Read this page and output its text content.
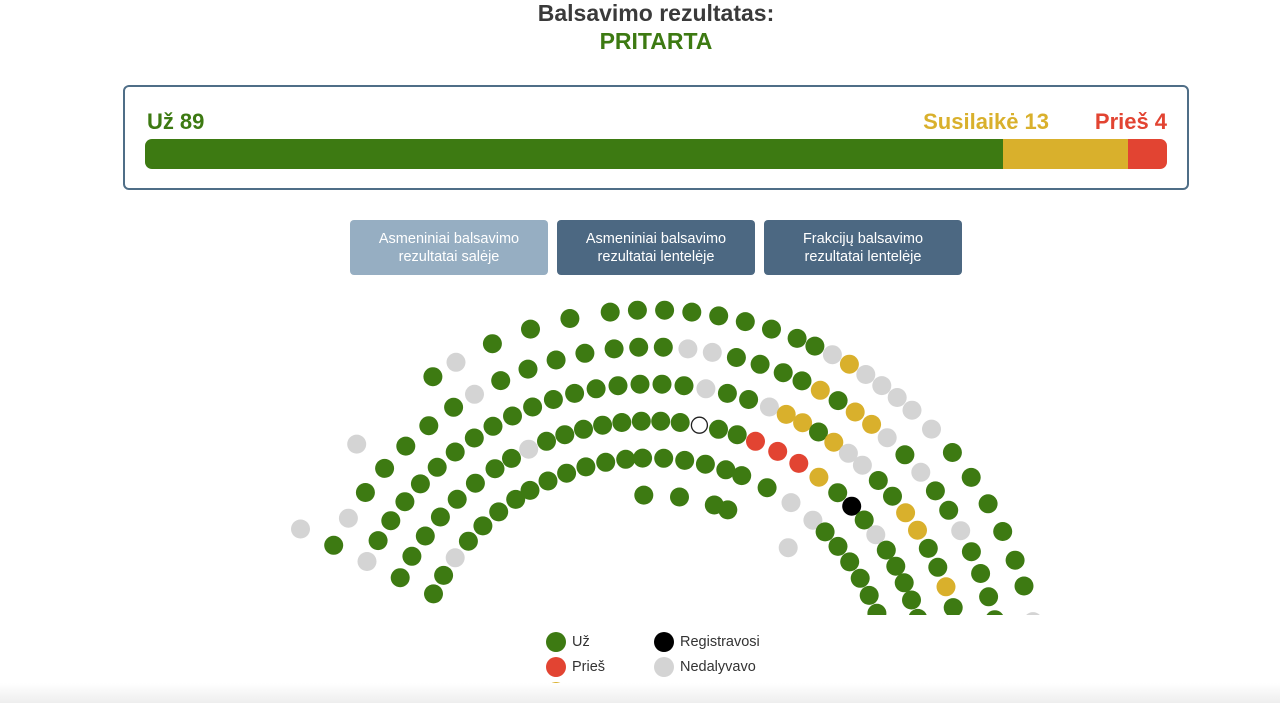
Balsavimo rezultatas:
PRITARTA
Už 89	Susilaikė 13 Prieš 4
Asmeniniai balsavimo rezultatai salėje
Asmeniniai balsavimo rezultatai lentelėje
Frakcijų balsavimo rezultatai lentelėje
Už
Prieš
Registravosi
Nedalyvavo
